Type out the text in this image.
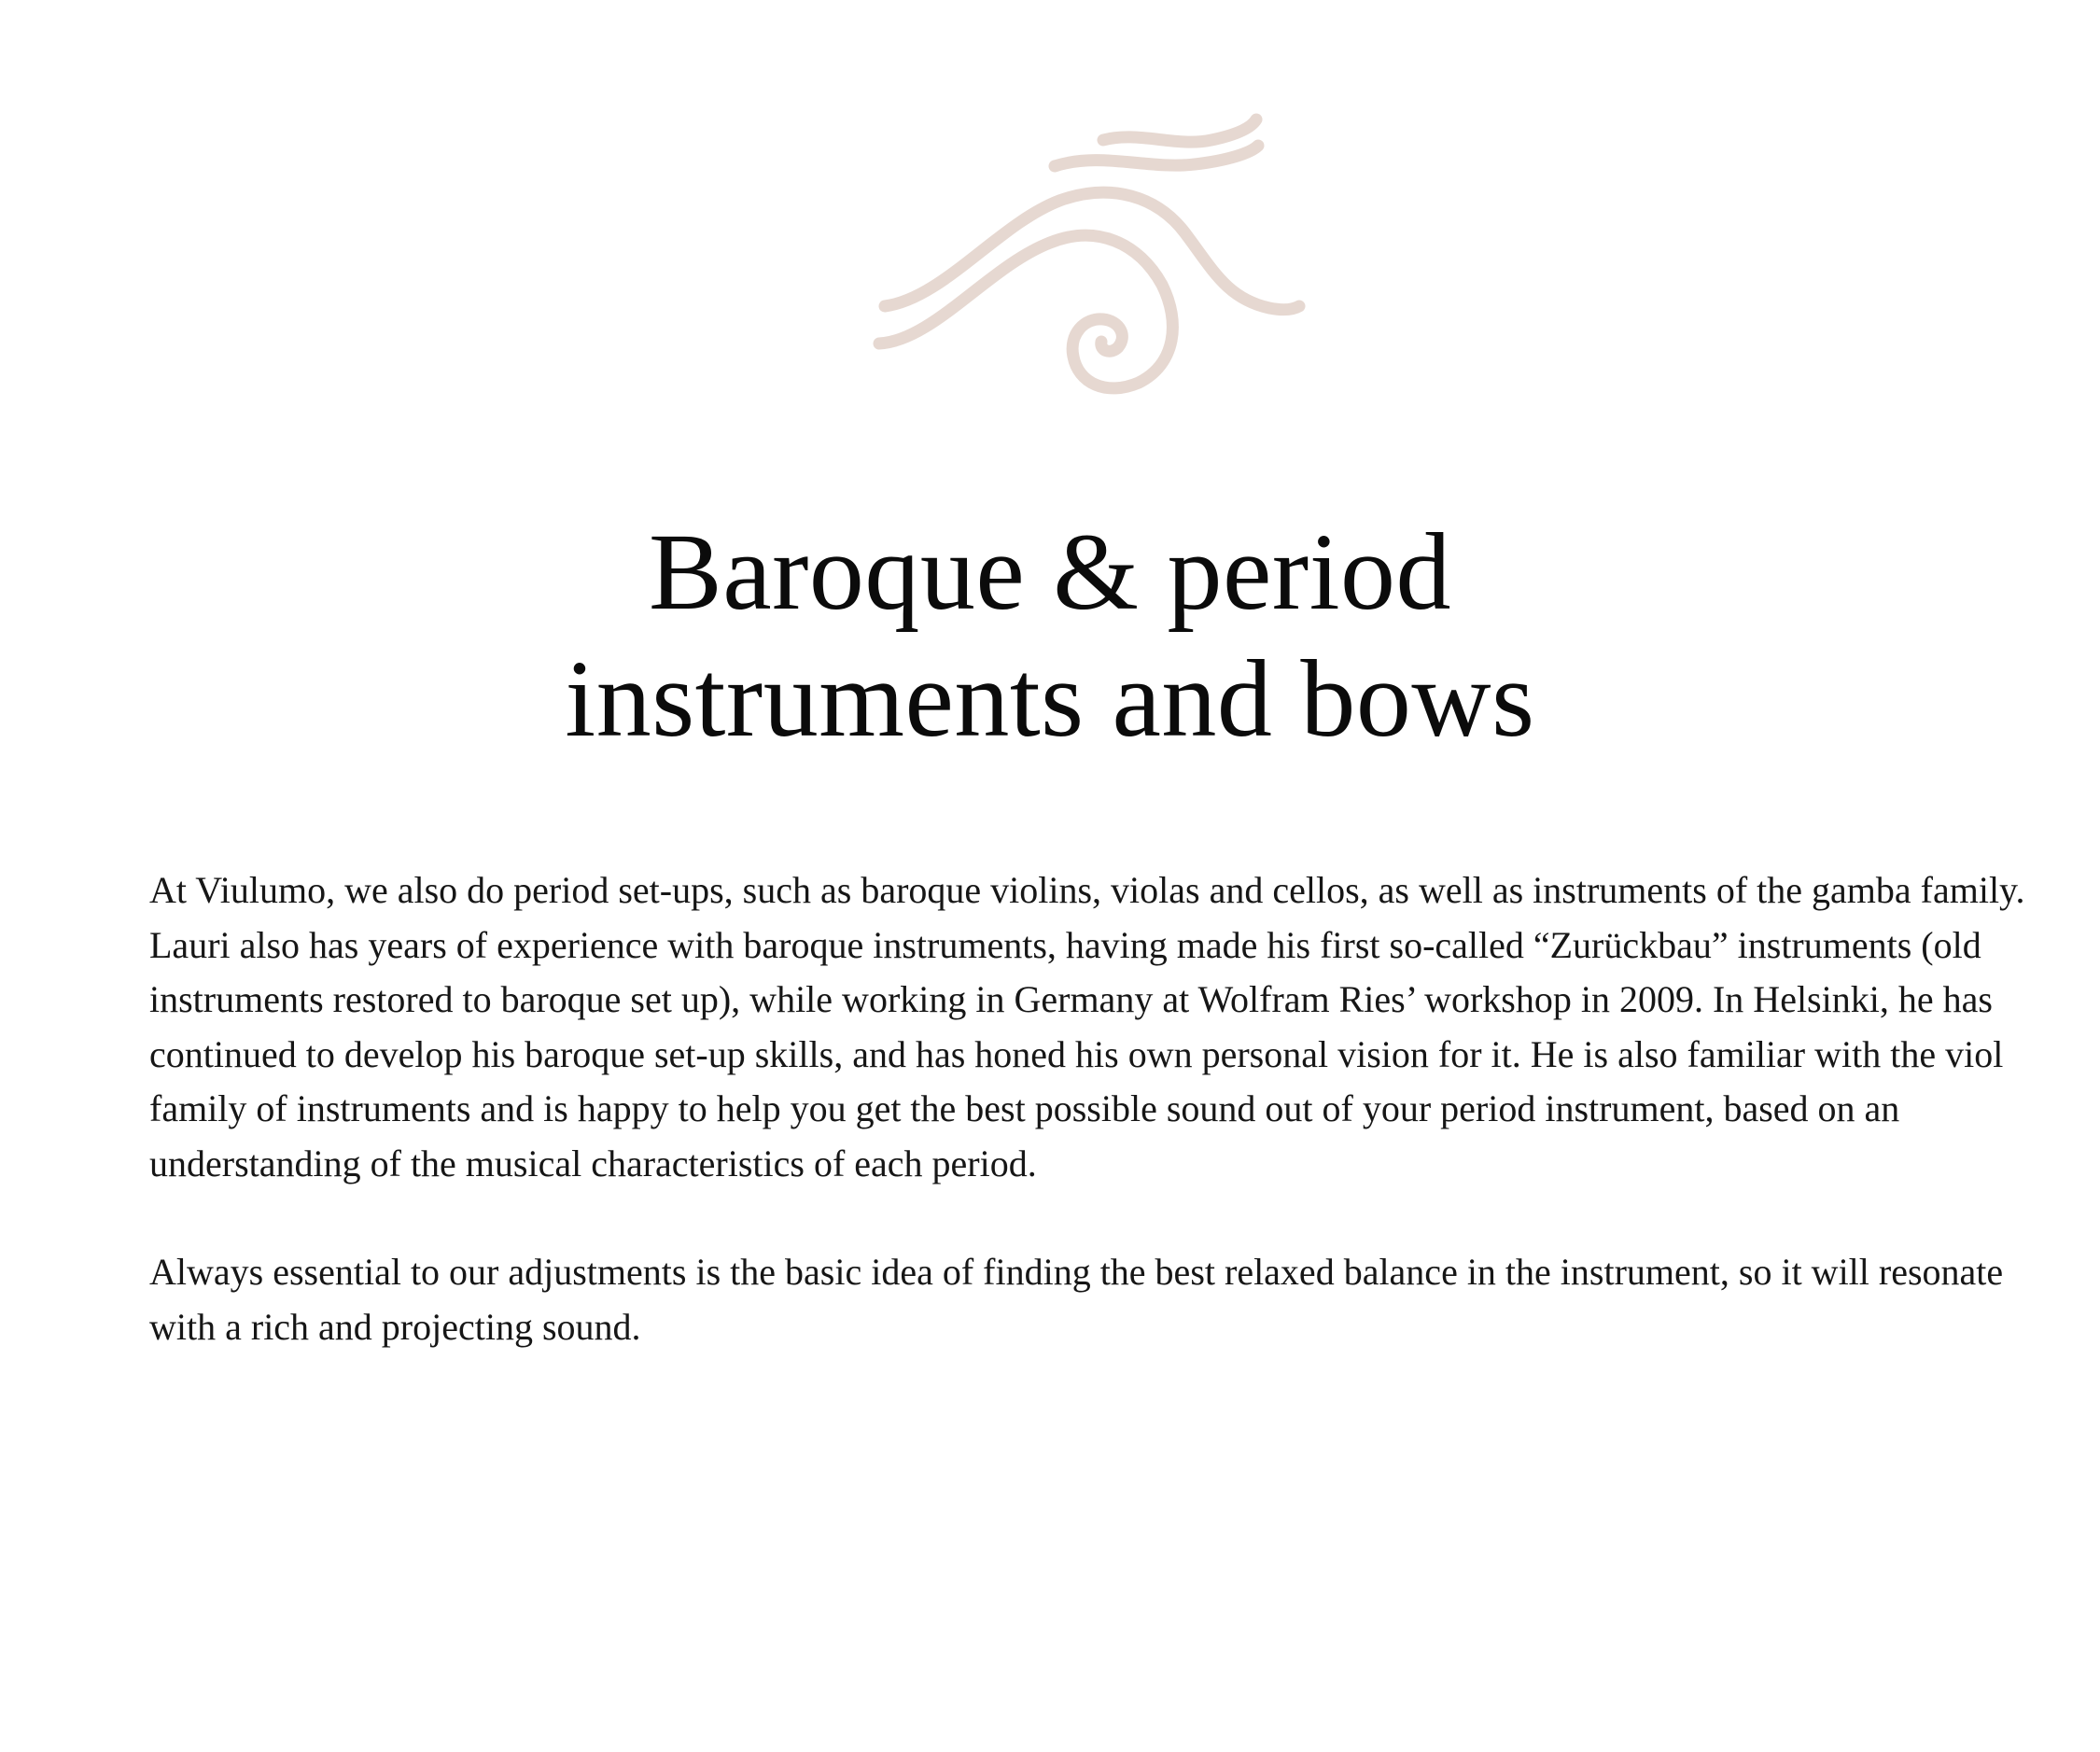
Baroque & period
instruments and bows

At Viulumo, we also do period set-ups, such as baroque violins, violas and cellos, as well as instruments of the gamba family. Lauri also has years of experience with baroque instruments, having made his first so-called “Zurückbau” instruments (old instruments restored to baroque set up), while working in Germany at Wolfram Ries’ workshop in 2009. In Helsinki, he has continued to develop his baroque set-up skills, and has honed his own personal vision for it. He is also familiar with the viol family of instruments and is happy to help you get the best possible sound out of your period instrument, based on an understanding of the musical characteristics of each period.

Always essential to our adjustments is the basic idea of finding the best relaxed balance in the instrument, so it will resonate with a rich and projecting sound.
